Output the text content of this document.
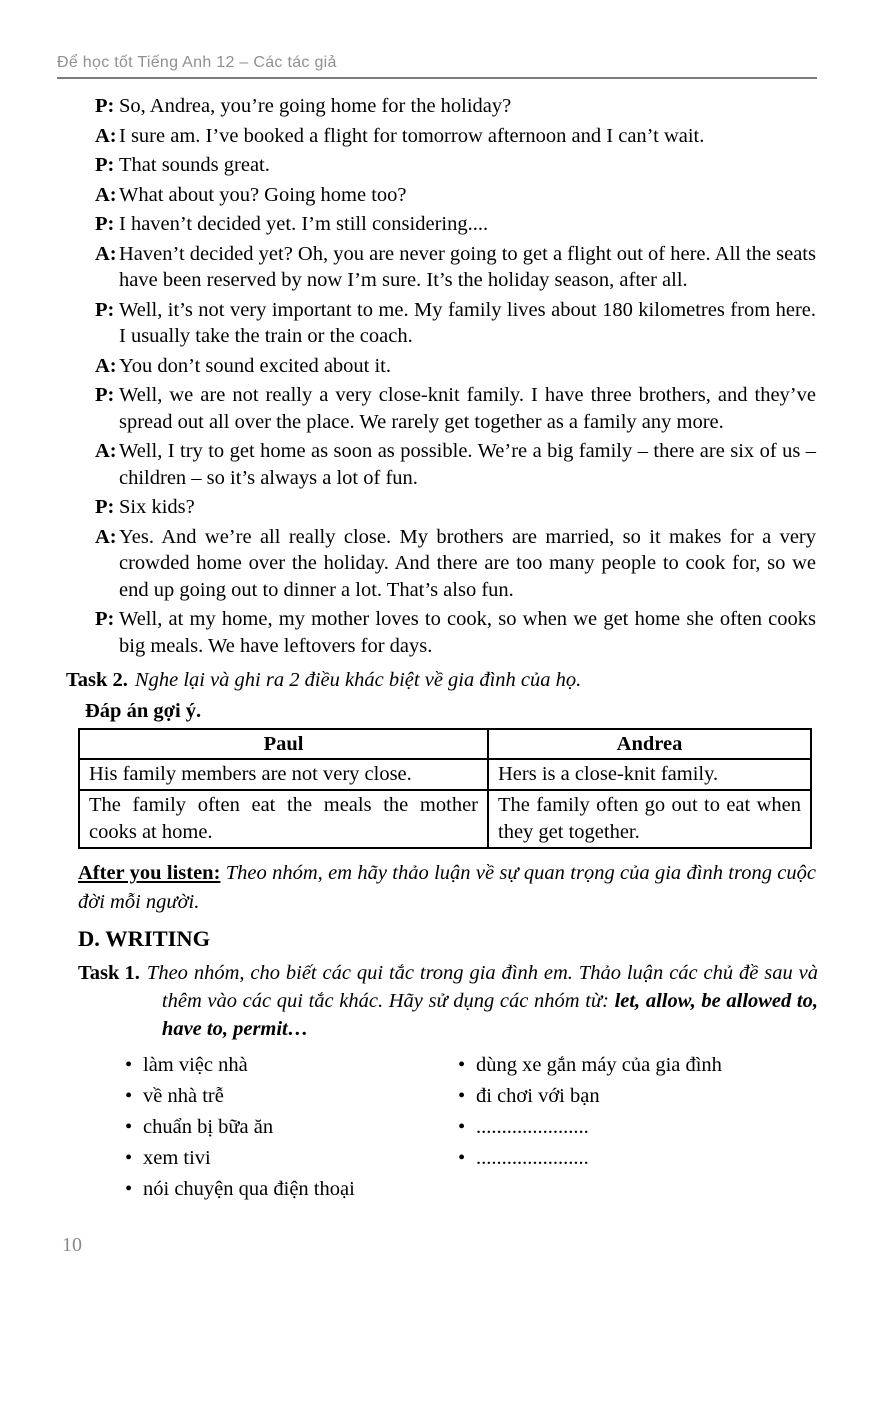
Để học tốt Tiếng Anh 12 – Các tác giả
P: So, Andrea, you’re going home for the holiday?
A: I sure am. I’ve booked a flight for tomorrow afternoon and I can’t wait.
P: That sounds great.
A: What about you? Going home too?
P: I haven’t decided yet. I’m still considering....
A: Haven’t decided yet? Oh, you are never going to get a flight out of here. All the seats have been reserved by now I’m sure. It’s the holiday season, after all.
P: Well, it’s not very important to me. My family lives about 180 kilometres from here. I usually take the train or the coach.
A: You don’t sound excited about it.
P: Well, we are not really a very close-knit family. I have three brothers, and they’ve spread out all over the place. We rarely get together as a family any more.
A: Well, I try to get home as soon as possible. We’re a big family – there are six of us – children – so it’s always a lot of fun.
P: Six kids?
A: Yes. And we’re all really close. My brothers are married, so it makes for a very crowded home over the holiday. And there are too many people to cook for, so we end up going out to dinner a lot. That’s also fun.
P: Well, at my home, my mother loves to cook, so when we get home she often cooks big meals. We have leftovers for days.
Task 2. Nghe lại và ghi ra 2 điều khác biệt về gia đình của họ.
Đáp án gợi ý.
Paul	Andrea
His family members are not very close.	Hers is a close-knit family.
The family often eat the meals the mother cooks at home.	The family often go out to eat when they get together.

After you listen: Theo nhóm, em hãy thảo luận về sự quan trọng của gia đình trong cuộc đời mỗi người.

D. WRITING
Task 1. Theo nhóm, cho biết các qui tắc trong gia đình em. Thảo luận các chủ đề sau và thêm vào các qui tắc khác. Hãy sử dụng các nhóm từ: let, allow, be allowed to, have to, permit…
• làm việc nhà
• về nhà trễ
• chuẩn bị bữa ăn
• xem tivi
• nói chuyện qua điện thoại
• dùng xe gắn máy của gia đình
• đi chơi với bạn
• ......................
• ......................
10
